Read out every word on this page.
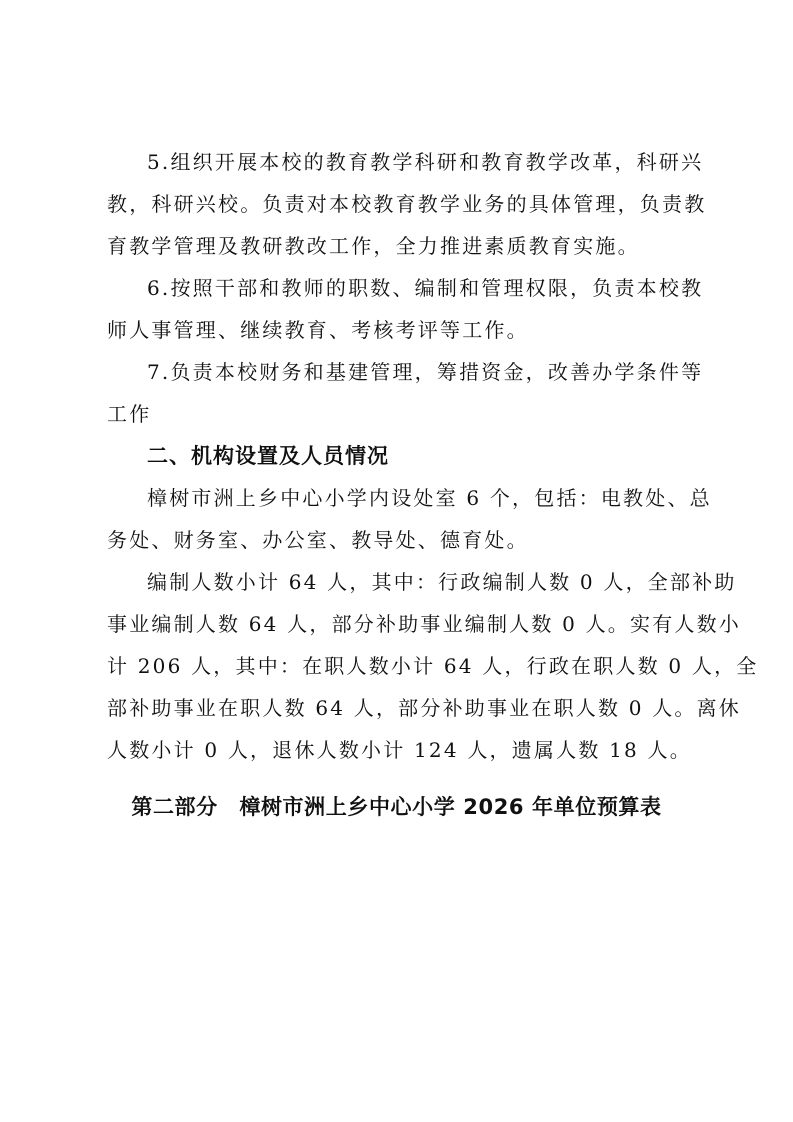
5.组织开展本校的教育教学科研和教育教学改革，科研兴
教，科研兴校。负责对本校教育教学业务的具体管理，负责教
育教学管理及教研教改工作，全力推进素质教育实施。
6.按照干部和教师的职数、编制和管理权限，负责本校教
师人事管理、继续教育、考核考评等工作。
7.负责本校财务和基建管理，筹措资金，改善办学条件等
工作
二、机构设置及人员情况
樟树市洲上乡中心小学内设处室 6 个，包括：电教处、总
务处、财务室、办公室、教导处、德育处。
编制人数小计 64 人，其中：行政编制人数 0 人，全部补助
事业编制人数 64 人，部分补助事业编制人数 0 人。实有人数小
计 206 人，其中：在职人数小计 64 人，行政在职人数 0 人，全
部补助事业在职人数 64 人，部分补助事业在职人数 0 人。离休
人数小计 0 人，退休人数小计 124 人，遗属人数 18 人。
第二部分　樟树市洲上乡中心小学 2026 年单位预算表
